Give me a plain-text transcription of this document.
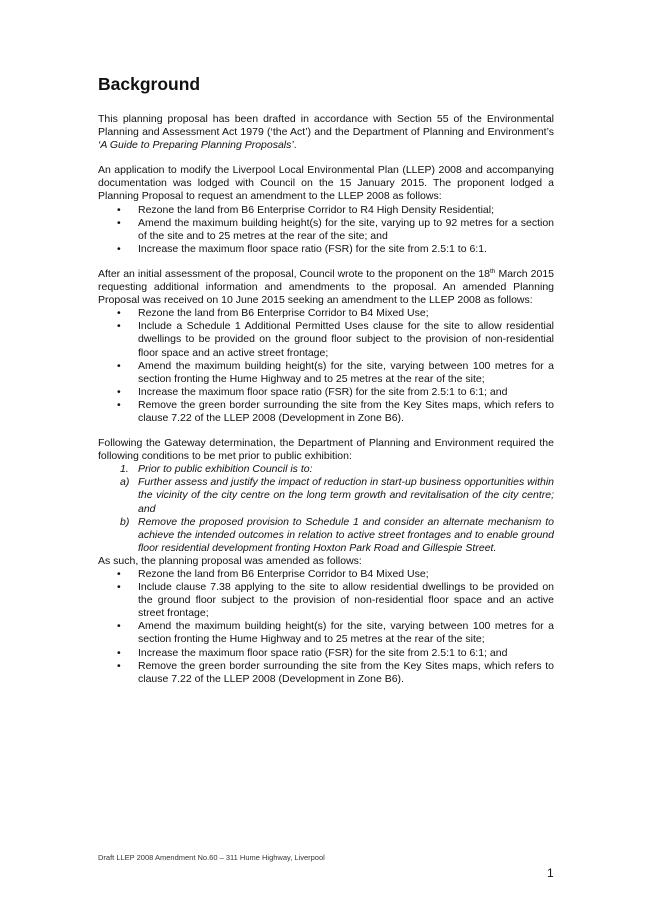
Background

This planning proposal has been drafted in accordance with Section 55 of the Environmental Planning and Assessment Act 1979 (‘the Act’) and the Department of Planning and Environment’s ‘A Guide to Preparing Planning Proposals’.

An application to modify the Liverpool Local Environmental Plan (LLEP) 2008 and accompanying documentation was lodged with Council on the 15 January 2015. The proponent lodged a Planning Proposal to request an amendment to the LLEP 2008 as follows:

• Rezone the land from B6 Enterprise Corridor to R4 High Density Residential;
• Amend the maximum building height(s) for the site, varying up to 92 metres for a section of the site and to 25 metres at the rear of the site; and
• Increase the maximum floor space ratio (FSR) for the site from 2.5:1 to 6:1.

After an initial assessment of the proposal, Council wrote to the proponent on the 18th March 2015 requesting additional information and amendments to the proposal. An amended Planning Proposal was received on 10 June 2015 seeking an amendment to the LLEP 2008 as follows:

• Rezone the land from B6 Enterprise Corridor to B4 Mixed Use;
• Include a Schedule 1 Additional Permitted Uses clause for the site to allow residential dwellings to be provided on the ground floor subject to the provision of non-residential floor space and an active street frontage;
• Amend the maximum building height(s) for the site, varying between 100 metres for a section fronting the Hume Highway and to 25 metres at the rear of the site;
• Increase the maximum floor space ratio (FSR) for the site from 2.5:1 to 6:1; and
• Remove the green border surrounding the site from the Key Sites maps, which refers to clause 7.22 of the LLEP 2008 (Development in Zone B6).

Following the Gateway determination, the Department of Planning and Environment required the following conditions to be met prior to public exhibition:

1. Prior to public exhibition Council is to:
a) Further assess and justify the impact of reduction in start-up business opportunities within the vicinity of the city centre on the long term growth and revitalisation of the city centre; and
b) Remove the proposed provision to Schedule 1 and consider an alternate mechanism to achieve the intended outcomes in relation to active street frontages and to enable ground floor residential development fronting Hoxton Park Road and Gillespie Street.

As such, the planning proposal was amended as follows:

• Rezone the land from B6 Enterprise Corridor to B4 Mixed Use;
• Include clause 7.38 applying to the site to allow residential dwellings to be provided on the ground floor subject to the provision of non-residential floor space and an active street frontage;
• Amend the maximum building height(s) for the site, varying between 100 metres for a section fronting the Hume Highway and to 25 metres at the rear of the site;
• Increase the maximum floor space ratio (FSR) for the site from 2.5:1 to 6:1; and
• Remove the green border surrounding the site from the Key Sites maps, which refers to clause 7.22 of the LLEP 2008 (Development in Zone B6).
Draft LLEP 2008 Amendment No.60 – 311 Hume Highway, Liverpool
1
